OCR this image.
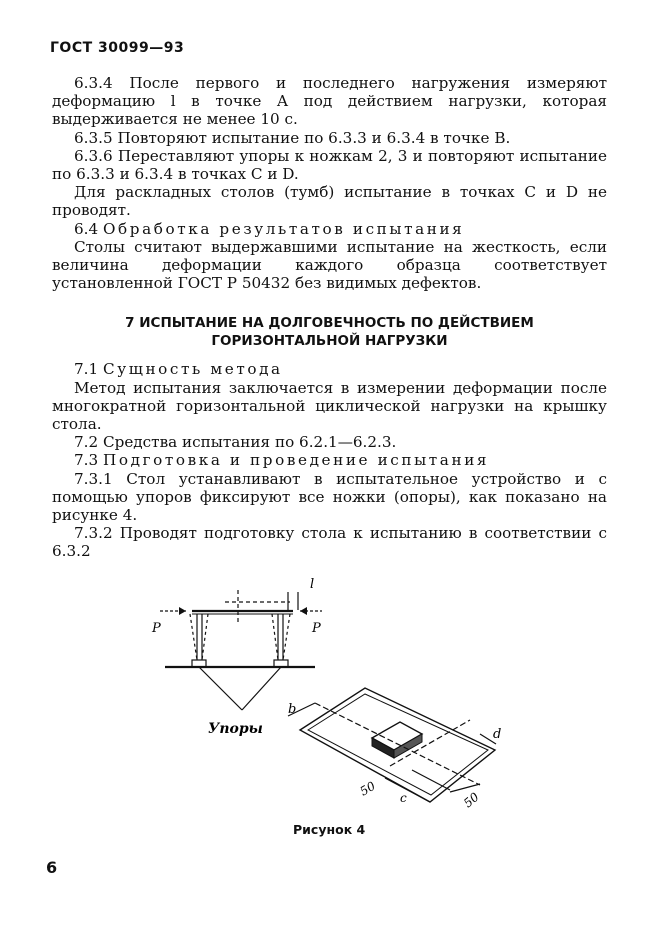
ГОСТ 30099—93

6.3.4 После первого и последнего нагружения измеряют деформацию l в точке A под действием нагрузки, которая выдерживается не менее 10 с.

6.3.5 Повторяют испытание по 6.3.3 и 6.3.4 в точке B.

6.3.6 Переставляют упоры к ножкам 2, 3 и повторяют испытание по 6.3.3 и 6.3.4 в точках C и D.

Для раскладных столов (тумб) испытание в точках C и D не проводят.

6.4 Обработка результатов испытания

Столы считают выдержавшими испытание на жесткость, если величина деформации каждого образца соответствует установленной ГОСТ Р 50432 без видимых дефектов.

7 ИСПЫТАНИЕ НА ДОЛГОВЕЧНОСТЬ ПО ДЕЙСТВИЕМ
ГОРИЗОНТАЛЬНОЙ НАГРУЗКИ

7.1 Сущность метода

Метод испытания заключается в измерении деформации после многократной горизонтальной циклической нагрузки на крышку стола.

7.2 Средства испытания по 6.2.1—6.2.3.

7.3 Подготовка и проведение испытания

7.3.1 Стол устанавливают в испытательное устройство и с помощью упоров фиксируют все ножки (опоры), как показано на рисунке 4.

7.3.2 Проводят подготовку стола к испытанию в соответствии с 6.3.2

P	P
l
Упоры
b
d
50 c	50
Рисунок 4
6
